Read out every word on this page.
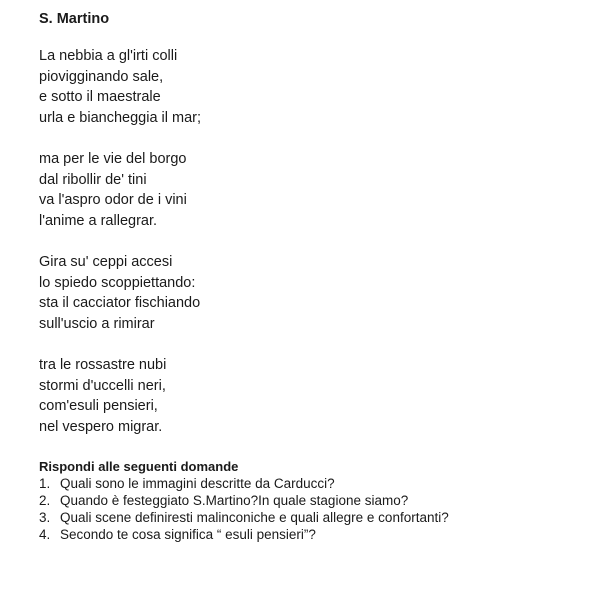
S. Martino
La nebbia a gl'irti colli
piovigginando sale,
e sotto il maestrale
urla e biancheggia il mar;
ma per le vie del borgo
dal ribollir de' tini
va l'aspro odor de i vini
l'anime a rallegrar.
Gira su' ceppi accesi
lo spiedo scoppiettando:
sta il cacciator fischiando
sull'uscio a rimirar
tra le rossastre nubi
stormi d'uccelli neri,
com'esuli pensieri,
nel vespero migrar.
Rispondi alle seguenti domande
1. Quali sono le immagini descritte da Carducci?
2. Quando è festeggiato S.Martino?In quale stagione siamo?
3. Quali scene definiresti malinconiche e quali allegre e confortanti?
4. Secondo te cosa significa “ esuli pensieri”?
